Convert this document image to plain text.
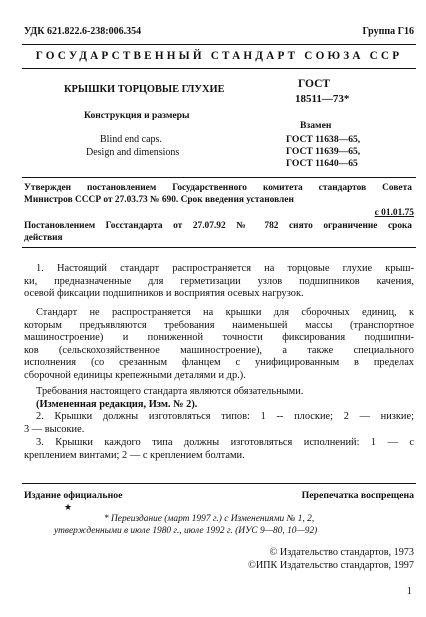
УДК 621.822.6-238:006.354	Группа Г16
ГОСУДАРСТВЕННЫЙ СТАНДАРТ СОЮЗА ССР
КРЫШКИ ТОРЦОВЫЕ ГЛУХИЕ
Конструкция и размеры
Blind end caps.
Design and dimensions
ГОСТ
18511—73*
Взамен
ГОСТ 11638—65,
ГОСТ 11639—65,
ГОСТ 11640—65
Утвержден постановлением Государственного комитета стандартов Совета
Министров СССР от 27.03.73 № 690. Срок введения установлен
с 01.01.75
Постановлением Госстандарта от 27.07.92 № 782 снято ограничение срока
действия
1. Настоящий стандарт распространяется на торцовые глухие крыш-
ки, предназначенные для герметизации узлов подшипников качения,
осевой фиксации подшипников и восприятия осевых нагрузок.
Стандарт не распространяется на крышки для сборочных единиц, к
которым предъявляются требования наименьшей массы (транспортное
машиностроение) и пониженной точности фиксирования подшипни-
ков (сельскохозяйственное машиностроение), а также специального
исполнения (со срезанным фланцем с унифицированным в пределах
сборочной единицы крепежными деталями и др.).
Требования настоящего стандарта являются обязательными.
(Измененная редакция, Изм. № 2).
2. Крышки должны изготовляться типов: 1 -- плоские; 2 — низкие;
3 — высокие.
3. Крышки каждого типа должны изготовляться исполнений: 1 — с
креплением винтами; 2 — с креплением болтами.
Издание официальное	Перепечатка воспрещена
★
* Переиздание (март 1997 г.) с Изменениями № 1, 2,
утвержденными в июле 1980 г., июле 1992 г. (ИУС 9—80, 10—92)
© Издательство стандартов, 1973
©ИПК Издательство стандартов, 1997
1
